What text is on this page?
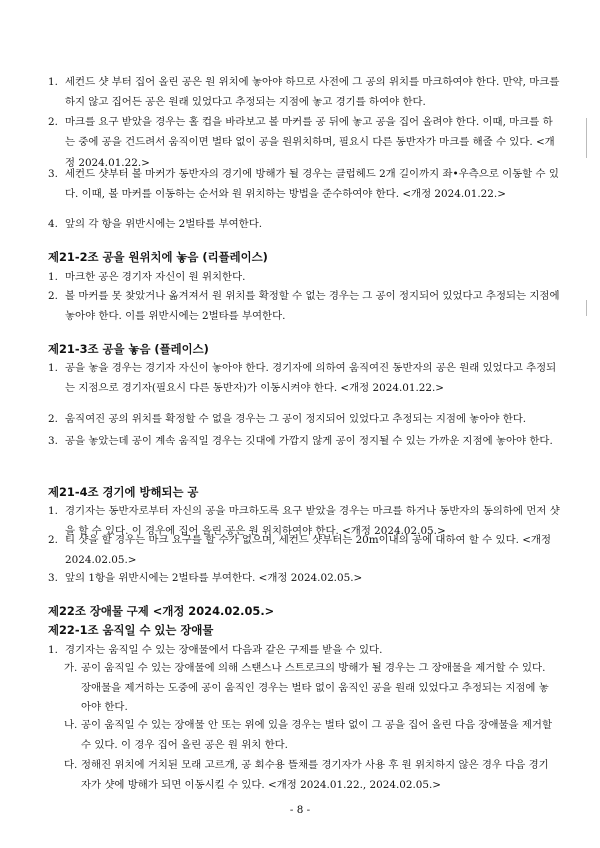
1. 세컨드 샷 부터 집어 올린 공은 원 위치에 놓아야 하므로 사전에 그 공의 위치를 마크하여야 한다. 만약, 마크를 하지 않고 집어든 공은 원래 있었다고 추정되는 지점에 놓고 경기를 하여야 한다.
2. 마크를 요구 받았을 경우는 홀 컵을 바라보고 볼 마커를 공 뒤에 놓고 공을 집어 올려야 한다. 이때, 마크를 하는 중에 공을 건드려서 움직이면 벌타 없이 공을 원위치하며, 필요시 다른 동반자가 마크를 해줄 수 있다. <개정 2024.01.22.>
3. 세컨드 샷부터 볼 마커가 동반자의 경기에 방해가 될 경우는 클럽헤드 2개 길이까지 좌•우측으로 이동할 수 있다. 이때, 볼 마커를 이동하는 순서와 원 위치하는 방법을 준수하여야 한다. <개정 2024.01.22.>
4. 앞의 각 항을 위반시에는 2벌타를 부여한다.
제21-2조 공을 원위치에 놓음 (리플레이스)
1. 마크한 공은 경기자 자신이 원 위치한다.
2. 볼 마커를 못 찾았거나 옮겨져서 원 위치를 확정할 수 없는 경우는 그 공이 정지되어 있었다고 추정되는 지점에 놓아야 한다. 이를 위반시에는 2벌타를 부여한다.
제21-3조 공을 놓음 (플레이스)
1. 공을 놓을 경우는 경기자 자신이 놓아야 한다. 경기자에 의하여 움직여진 동반자의 공은 원래 있었다고 추정되는 지점으로 경기자(필요시 다른 동반자)가 이동시켜야 한다. <개정 2024.01.22.>
2. 움직여진 공의 위치를 확정할 수 없을 경우는 그 공이 정지되어 있었다고 추정되는 지점에 놓아야 한다.
3. 공을 놓았는데 공이 계속 움직일 경우는 깃대에 가깝지 않게 공이 정지될 수 있는 가까운 지점에 놓아야 한다.
제21-4조 경기에 방해되는 공
1. 경기자는 동반자로부터 자신의 공을 마크하도록 요구 받았을 경우는 마크를 하거나 동반자의 동의하에 먼저 샷을 할 수 있다. 이 경우에 집어 올린 공은 원 위치하여야 한다. <개정 2024.02.05.>
2. 티 샷을 할 경우는 마크 요구를 할 수가 없으며, 세컨드 샷부터는 20m이내의 공에 대하여 할 수 있다. <개정 2024.02.05.>
3. 앞의 1항을 위반시에는 2벌타를 부여한다. <개정 2024.02.05.>
제22조 장애물 구제 <개정 2024.02.05.>
제22-1조 움직일 수 있는 장애물
1. 경기자는 움직일 수 있는 장애물에서 다음과 같은 구제를 받을 수 있다.
가. 공이 움직일 수 있는 장애물에 의해 스탠스나 스트로크의 방해가 될 경우는 그 장애물을 제거할 수 있다. 장애물을 제거하는 도중에 공이 움직인 경우는 벌타 없이 움직인 공을 원래 있었다고 추정되는 지점에 놓아야 한다.
나. 공이 움직일 수 있는 장애물 안 또는 위에 있을 경우는 벌타 없이 그 공을 집어 올린 다음 장애물을 제거할 수 있다. 이 경우 집어 올린 공은 원 위치 한다.
다. 정해진 위치에 거치된 모래 고르개, 공 회수용 뜰채를 경기자가 사용 후 원 위치하지 않은 경우 다음 경기자가 샷에 방해가 되면 이동시킬 수 있다. <개정 2024.01.22., 2024.02.05.>
- 8 -
